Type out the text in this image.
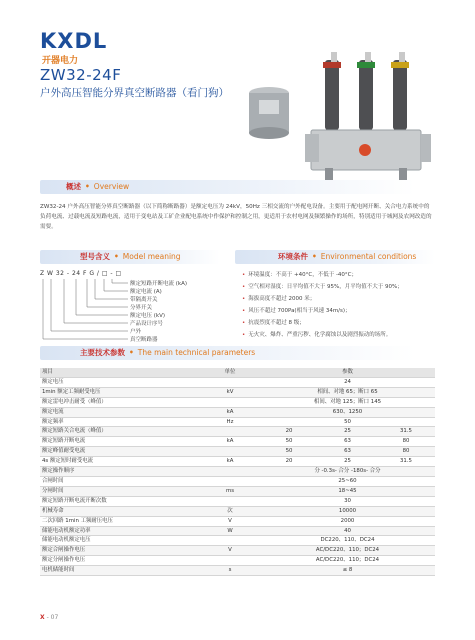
KXDL
开器电力
ZW32-24F
户外高压智能分界真空断路器（看门狗）
概述 • Overview
ZW32-24 户外高压智能分界真空断路器（以下简称断路器）是额定电压为 24kV，50Hz 三相交流的户外配电设备。主要用于配电网开断、关合电力系统中的负荷电流、过载电流及短路电流，适用于变电站及工矿企业配电系统中作保护和控制之用，更适用于农村电网及频繁操作的场所，特别适用于城网及农网改造的需要。
型号含义 • Model meaning
Z W 32 - 24 F G / □ - □
额定短路开断电流 (kA)
额定电流 (A)
带隔离开关
分界开关
额定电压 (kV)
产品设计序号
户外
真空断路器
环境条件 • Environmental conditions
• 环境温度：不高于 +40°C，不低于 -40°C；
• 空气相对湿度：日平均值不大于 95%，月平均值不大于 90%；
• 海拔高度不超过 2000 米；
• 风压不超过 700Pa(相当于风速 34m/s)；
• 抗震烈度不超过 8 级；
• 无火灾、爆炸、严重污秽、化学腐蚀以及剧烈振动的场所。
主要技术参数 • The main technical parameters
项目	单位	参数		
额定电压		24		
1min 额定工频耐受电压	kV	相间、对地 65；断口 65		
额定雷电冲击耐受（峰值）		相间、对地 125；断口 145		
额定电流	kA	630、1250		
额定频率	Hz	50		
额定短路关合电流（峰值）		20	25	31.5
额定短路开断电流	kA	50	63	80
额定峰值耐受电流		50	63	80
4s 额定短时耐受电流	kA	20	25	31.5
额定操作顺序		分 -0.3s- 合分 -180s- 合分		
合闸时间		25~60		
分闸时间	ms	18~45		
额定短路开断电流开断次数		30		
机械寿命	次	10000		
二次回路 1min 工频耐压电压	V	2000		
储能电动机额定功率	W	40		
储能电动机额定电压		DC220、110、DC24		
额定合闸操作电压	V	AC/DC220、110；DC24		
额定分闸操作电压		AC/DC220、110；DC24		
电机储能时间	s	≤ 8		
X - 07
